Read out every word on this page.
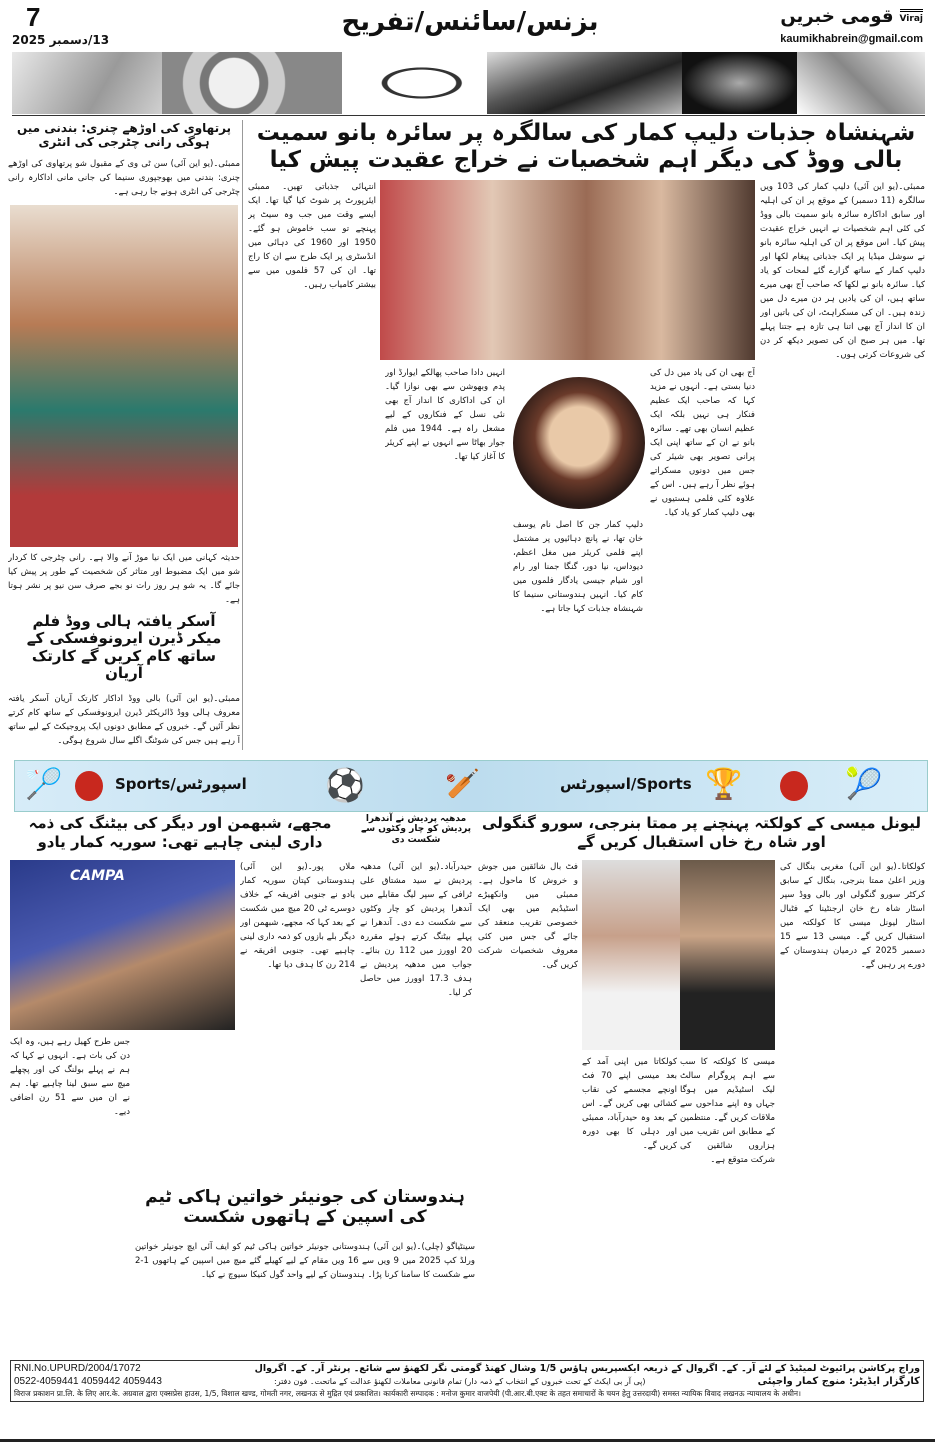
7
13/دسمبر 2025
بزنس/سائنس/تفریح	قومی خبریں Viraj
kaumikhabrein@gmail.com
پرتھاوی کی اوڑھے چنری: بندنی میں ہوگی رانی چٹرجی کی انٹری
ممبئی۔(یو این آئی) سن ٹی وی کے مقبول شو پرتھاوی کی اوڑھے چنری: بندنی میں بھوجپوری سنیما کی جانی مانی اداکارہ رانی چٹرجی کی انٹری ہونے جا رہی ہے۔
حدیثہ کہانی میں ایک نیا موڑ آنے والا ہے۔ رانی چٹرجی کا کردار شو میں ایک مضبوط اور متاثر کن شخصیت کے طور پر پیش کیا جائے گا۔ یہ شو ہر روز رات نو بجے صرف سن نیو پر نشر ہوتا ہے۔
آسکر یافتہ ہالی ووڈ فلم میکر ڈیرن ایرونوفسکی کے ساتھ کام کریں گے کارتک آریان
ممبئی۔(یو این آئی) بالی ووڈ اداکار کارتک آریان آسکر یافتہ معروف ہالی ووڈ ڈائریکٹر ڈیرن ایرونوفسکی کے ساتھ کام کرتے نظر آئیں گے۔ خبروں کے مطابق دونوں ایک پروجیکٹ کے لیے ساتھ آ رہے ہیں جس کی شوٹنگ اگلے سال شروع ہوگی۔
شہنشاہ جذبات دلیپ کمار کی سالگرہ پر سائرہ بانو سمیت بالی ووڈ کی دیگر اہم شخصیات نے خراج عقیدت پیش کیا
ممبئی۔(یو این آئی) دلیپ کمار کی 103 ویں سالگرہ (11 دسمبر) کے موقع پر ان کی اہلیہ اور سابق اداکارہ سائرہ بانو سمیت بالی ووڈ کی کئی اہم شخصیات نے انہیں خراج عقیدت پیش کیا۔ اس موقع پر ان کی اہلیہ سائرہ بانو نے سوشل میڈیا پر ایک جذباتی پیغام لکھا اور دلیپ کمار کے ساتھ گزارے گئے لمحات کو یاد کیا۔ سائرہ بانو نے لکھا کہ صاحب آج بھی میرے ساتھ ہیں، ان کی یادیں ہر دن میرے دل میں زندہ ہیں۔ ان کی مسکراہٹ، ان کی باتیں اور ان کا انداز آج بھی اتنا ہی تازہ ہے جتنا پہلے تھا۔ میں ہر صبح ان کی تصویر دیکھ کر دن کی شروعات کرتی ہوں۔
آج بھی ان کی یاد میں دل کی دنیا بستی ہے۔ انہوں نے مزید کہا کہ صاحب ایک عظیم فنکار ہی نہیں بلکہ ایک عظیم انسان بھی تھے۔ سائرہ بانو نے ان کے ساتھ اپنی ایک پرانی تصویر بھی شیئر کی جس میں دونوں مسکراتے ہوئے نظر آ رہے ہیں۔ اس کے علاوہ کئی فلمی ہستیوں نے بھی دلیپ کمار کو یاد کیا۔
دلیپ کمار جن کا اصل نام یوسف خان تھا، نے پانچ دہائیوں پر مشتمل اپنے فلمی کریئر میں مغل اعظم، دیوداس، نیا دور، گنگا جمنا اور رام اور شیام جیسی یادگار فلموں میں کام کیا۔ انہیں ہندوستانی سنیما کا شہنشاہ جذبات کہا جاتا ہے۔
انہیں دادا صاحب پھالکے ایوارڈ اور پدم وبھوشن سے بھی نوازا گیا۔ ان کی اداکاری کا انداز آج بھی نئی نسل کے فنکاروں کے لیے مشعل راہ ہے۔ 1944 میں فلم جوار بھاٹا سے انہوں نے اپنے کریئر کا آغاز کیا تھا۔
انتہائی جذباتی تھیں۔ ممبئی ایئرپورٹ پر شوٹ کیا گیا تھا۔ ایک ایسے وقت میں جب وہ سیٹ پر پہنچے تو سب خاموش ہو گئے۔ 1950 اور 1960 کی دہائی میں انڈسٹری پر ایک طرح سے ان کا راج تھا۔ ان کی 57 فلموں میں سے بیشتر کامیاب رہیں۔
🏸	اسپورٹس/Sports ⚽	🏏	Sports/اسپورٹس 🏆	🎾
لیونل میسی کے کولکتہ پہنچنے پر ممتا بنرجی، سورو گنگولی اور شاہ رخ خاں استقبال کریں گے
کولکاتا۔(یو این آئی) مغربی بنگال کی وزیر اعلیٰ ممتا بنرجی، بنگال کے سابق کرکٹر سورو گنگولی اور بالی ووڈ سپر اسٹار شاہ رخ خان ارجنٹینا کے فٹبال اسٹار لیونل میسی کا کولکتہ میں استقبال کریں گے۔ میسی 13 سے 15 دسمبر 2025 کے درمیان ہندوستان کے دورے پر رہیں گے۔
میسی کا کولکتہ کا سب سے اہم پروگرام سالٹ لیک اسٹیڈیم میں ہوگا جہاں وہ اپنے مداحوں سے ملاقات کریں گے۔ منتظمین کے مطابق اس تقریب میں ہزاروں شائقین کی شرکت متوقع ہے۔
کولکاتا میں اپنی آمد کے بعد میسی اپنے 70 فٹ اونچے مجسمے کی نقاب کشائی بھی کریں گے۔ اس کے بعد وہ حیدرآباد، ممبئی اور دہلی کا بھی دورہ کریں گے۔
فٹ بال شائقین میں جوش و خروش کا ماحول ہے۔ ممبئی میں وانکھیڑے اسٹیڈیم میں بھی ایک خصوصی تقریب منعقد کی جائے گی جس میں کئی معروف شخصیات شرکت کریں گی۔
مدھیہ پردیش نے آندھرا پردیش کو چار وکٹوں سے شکست دی
حیدرآباد۔(یو این آئی) مدھیہ پردیش نے سید مشتاق علی ٹرافی کے سپر لیگ مقابلے میں آندھرا پردیش کو چار وکٹوں سے شکست دے دی۔ آندھرا نے پہلے بیٹنگ کرتے ہوئے مقررہ 20 اوورز میں 112 رن بنائے۔ جواب میں مدھیہ پردیش نے ہدف 17.3 اوورز میں حاصل کر لیا۔
مجھے، شبھمن اور دیگر کی بیٹنگ کی ذمہ داری لینی چاہیے تھی: سوریہ کمار یادو
CAMPA
ملاں پور۔(یو این آئی) ہندوستانی کپتان سوریہ کمار یادو نے جنوبی افریقہ کے خلاف دوسرے ٹی 20 میچ میں شکست کے بعد کہا کہ مجھے، شبھمن اور دیگر بلے بازوں کو ذمہ داری لینی چاہیے تھی۔ جنوبی افریقہ نے 214 رن کا ہدف دیا تھا۔
جس طرح کھیل رہے ہیں، وہ ایک دن کی بات ہے۔ انہوں نے کہا کہ ہم نے پہلے بولنگ کی اور پچھلے میچ سے سبق لینا چاہیے تھا۔ ہم نے ان میں سے 51 رن اضافی دیے۔
ہندوستان کی جونیئر خواتین ہاکی ٹیم کی اسپین کے ہاتھوں شکست
سینٹیاگو (چلی)۔(یو این آئی) ہندوستانی جونیئر خواتین ہاکی ٹیم کو ایف آئی ایچ جونیئر خواتین ورلڈ کپ 2025 میں 9 ویں سے 16 ویں مقام کے لیے کھیلے گئے میچ میں اسپین کے ہاتھوں 1-2 سے شکست کا سامنا کرنا پڑا۔ ہندوستان کے لیے واحد گول کنیکا سیوچ نے کیا۔
RNI.No.UPURD/2004/17072	وراج پرکاشن پرائیوٹ لمیٹیڈ کے لئے آر۔ کے۔ اگروال کے ذریعہ ایکسپریس ہاؤس 1/5 وشال کھنڈ گومتی نگر لکھنؤ سے شائع۔ پرنٹر آر۔ کے۔ اگروال
0522-4059441 4059442 4059443	(پی آر بی ایکٹ کے تحت خبروں کے انتخاب کے ذمہ دار) تمام قانونی معاملات لکھنؤ عدالت کے ماتحت۔ فون دفتر:	کارگزار ایڈیٹر: منوج کمار واجپئی
विराज प्रकाशन प्रा.लि. के लिए आर.के. अग्रवाल द्वारा एक्सप्रेस हाउस, 1/5, विशाल खण्ड, गोमती नगर, लखनऊ से मुद्रित एवं प्रकाशित। कार्यकारी सम्पादक : मनोज कुमार वाजपेयी (पी.आर.बी.एक्ट के तहत समाचारों के चयन हेतु उत्तरदायी) समस्त न्यायिक विवाद लखनऊ न्यायालय के अधीन।
